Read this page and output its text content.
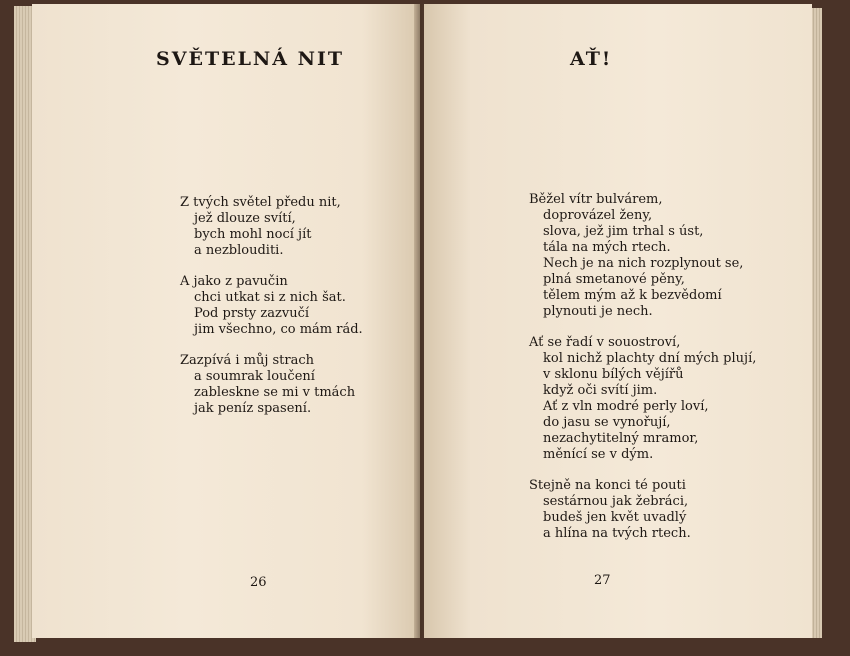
SVĚTELNÁ NIT
Z tvých světel předu nit,
jež dlouze svítí,
bych mohl nocí jít
a nezblouditi.
A jako z pavučin
chci utkat si z nich šat.
Pod prsty zazvučí
jim všechno, co mám rád.
Zazpívá i můj strach
a soumrak loučení
zableskne se mi v tmách
jak peníz spasení.
26
AŤ!
Běžel vítr bulvárem,
doprovázel ženy,
slova, jež jim trhal s úst,
tála na mých rtech.
Nech je na nich rozplynout se,
plná smetanové pěny,
tělem mým až k bezvědomí
plynouti je nech.
Ať se řadí v souostroví,
kol nichž plachty dní mých plují,
v sklonu bílých vějířů
když oči svítí jim.
Ať z vln modré perly loví,
do jasu se vynořují,
nezachytitelný mramor,
měnící se v dým.
Stejně na konci té pouti
sestárnou jak žebráci,
budeš jen květ uvadlý
a hlína na tvých rtech.
27
